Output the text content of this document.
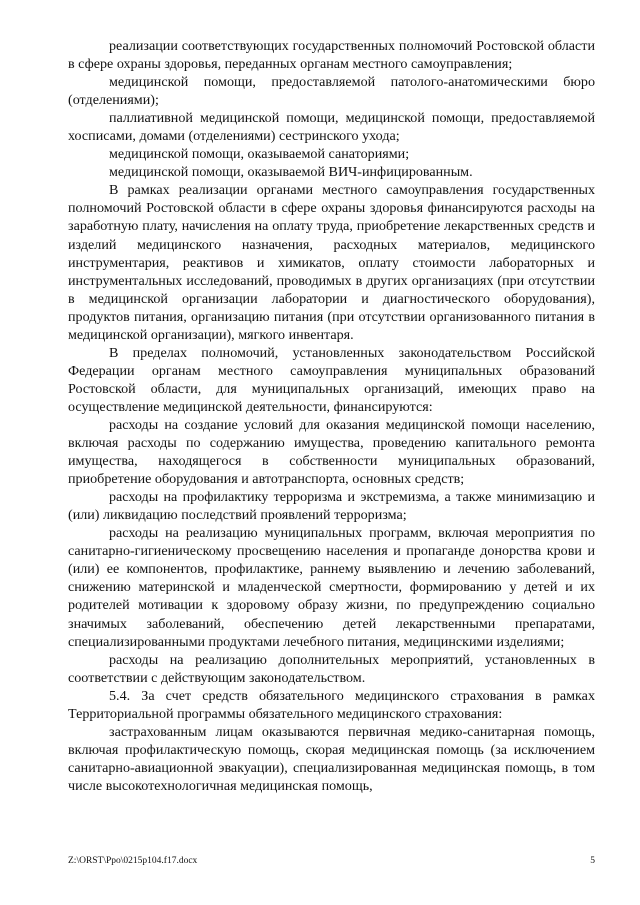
реализации соответствующих государственных полномочий Ростовской области в сфере охраны здоровья, переданных органам местного самоуправления;

медицинской помощи, предоставляемой патолого-анатомическими бюро (отделениями);

паллиативной медицинской помощи, медицинской помощи, предоставляемой хосписами, домами (отделениями) сестринского ухода;

медицинской помощи, оказываемой санаториями;

медицинской помощи, оказываемой ВИЧ-инфицированным.

В рамках реализации органами местного самоуправления государственных полномочий Ростовской области в сфере охраны здоровья финансируются расходы на заработную плату, начисления на оплату труда, приобретение лекарственных средств и изделий медицинского назначения, расходных материалов, медицинского инструментария, реактивов и химикатов, оплату стоимости лабораторных и инструментальных исследований, проводимых в других организациях (при отсутствии в медицинской организации лаборатории и диагностического оборудования), продуктов питания, организацию питания (при отсутствии организованного питания в медицинской организации), мягкого инвентаря.

В пределах полномочий, установленных законодательством Российской Федерации органам местного самоуправления муниципальных образований Ростовской области, для муниципальных организаций, имеющих право на осуществление медицинской деятельности, финансируются:

расходы на создание условий для оказания медицинской помощи населению, включая расходы по содержанию имущества, проведению капитального ремонта имущества, находящегося в собственности муниципальных образований, приобретение оборудования и автотранспорта, основных средств;

расходы на профилактику терроризма и экстремизма, а также минимизацию и (или) ликвидацию последствий проявлений терроризма;

расходы на реализацию муниципальных программ, включая мероприятия по санитарно-гигиеническому просвещению населения и пропаганде донорства крови и (или) ее компонентов, профилактике, раннему выявлению и лечению заболеваний, снижению материнской и младенческой смертности, формированию у детей и их родителей мотивации к здоровому образу жизни, по предупреждению социально значимых заболеваний, обеспечению детей лекарственными препаратами, специализированными продуктами лечебного питания, медицинскими изделиями;

расходы на реализацию дополнительных мероприятий, установленных в соответствии с действующим законодательством.

5.4. За счет средств обязательного медицинского страхования в рамках Территориальной программы обязательного медицинского страхования:

застрахованным лицам оказываются первичная медико-санитарная помощь, включая профилактическую помощь, скорая медицинская помощь (за исключением санитарно-авиационной эвакуации), специализированная медицинская помощь, в том числе высокотехнологичная медицинская помощь,

Z:\ORST\Ppo\0215p104.f17.docx	5
